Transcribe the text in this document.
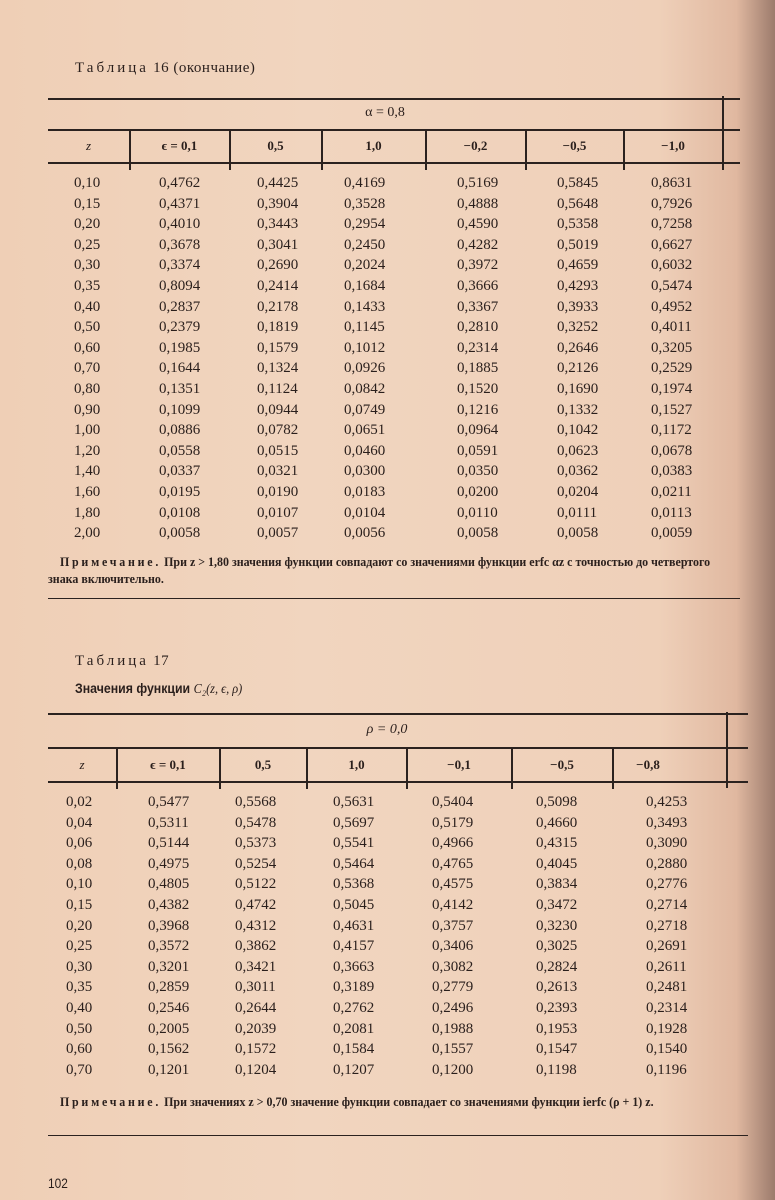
Таблица 16 (окончание)
α = 0,8
z	ϵ = 0,1	0,5	1,0	−0,2	−0,5	−1,0
0,10	0,4762	0,4425	0,4169	0,5169	0,5845	0,8631
0,15	0,4371	0,3904	0,3528	0,4888	0,5648	0,7926
0,20	0,4010	0,3443	0,2954	0,4590	0,5358	0,7258
0,25	0,3678	0,3041	0,2450	0,4282	0,5019	0,6627
0,30	0,3374	0,2690	0,2024	0,3972	0,4659	0,6032
0,35	0,8094	0,2414	0,1684	0,3666	0,4293	0,5474
0,40	0,2837	0,2178	0,1433	0,3367	0,3933	0,4952
0,50	0,2379	0,1819	0,1145	0,2810	0,3252	0,4011
0,60	0,1985	0,1579	0,1012	0,2314	0,2646	0,3205
0,70	0,1644	0,1324	0,0926	0,1885	0,2126	0,2529
0,80	0,1351	0,1124	0,0842	0,1520	0,1690	0,1974
0,90	0,1099	0,0944	0,0749	0,1216	0,1332	0,1527
1,00	0,0886	0,0782	0,0651	0,0964	0,1042	0,1172
1,20	0,0558	0,0515	0,0460	0,0591	0,0623	0,0678
1,40	0,0337	0,0321	0,0300	0,0350	0,0362	0,0383
1,60	0,0195	0,0190	0,0183	0,0200	0,0204	0,0211
1,80	0,0108	0,0107	0,0104	0,0110	0,0111	0,0113
2,00	0,0058	0,0057	0,0056	0,0058	0,0058	0,0059
Примечание. При z > 1,80 значения функции совпадают со значениями функции erfc αz с точностью до четвертого знака включительно.
Таблица 17
Значения функции C₂(z, ϵ, ρ)
ρ = 0,0
z	ϵ = 0,1	0,5	1,0	−0,1	−0,5	−0,8
0,02	0,5477	0,5568	0,5631	0,5404	0,5098	0,4253
0,04	0,5311	0,5478	0,5697	0,5179	0,4660	0,3493
0,06	0,5144	0,5373	0,5541	0,4966	0,4315	0,3090
0,08	0,4975	0,5254	0,5464	0,4765	0,4045	0,2880
0,10	0,4805	0,5122	0,5368	0,4575	0,3834	0,2776
0,15	0,4382	0,4742	0,5045	0,4142	0,3472	0,2714
0,20	0,3968	0,4312	0,4631	0,3757	0,3230	0,2718
0,25	0,3572	0,3862	0,4157	0,3406	0,3025	0,2691
0,30	0,3201	0,3421	0,3663	0,3082	0,2824	0,2611
0,35	0,2859	0,3011	0,3189	0,2779	0,2613	0,2481
0,40	0,2546	0,2644	0,2762	0,2496	0,2393	0,2314
0,50	0,2005	0,2039	0,2081	0,1988	0,1953	0,1928
0,60	0,1562	0,1572	0,1584	0,1557	0,1547	0,1540
0,70	0,1201	0,1204	0,1207	0,1200	0,1198	0,1196
Примечание. При значениях z > 0,70 значение функции совпадает со значениями функции ierfc (ρ + 1) z.
102
